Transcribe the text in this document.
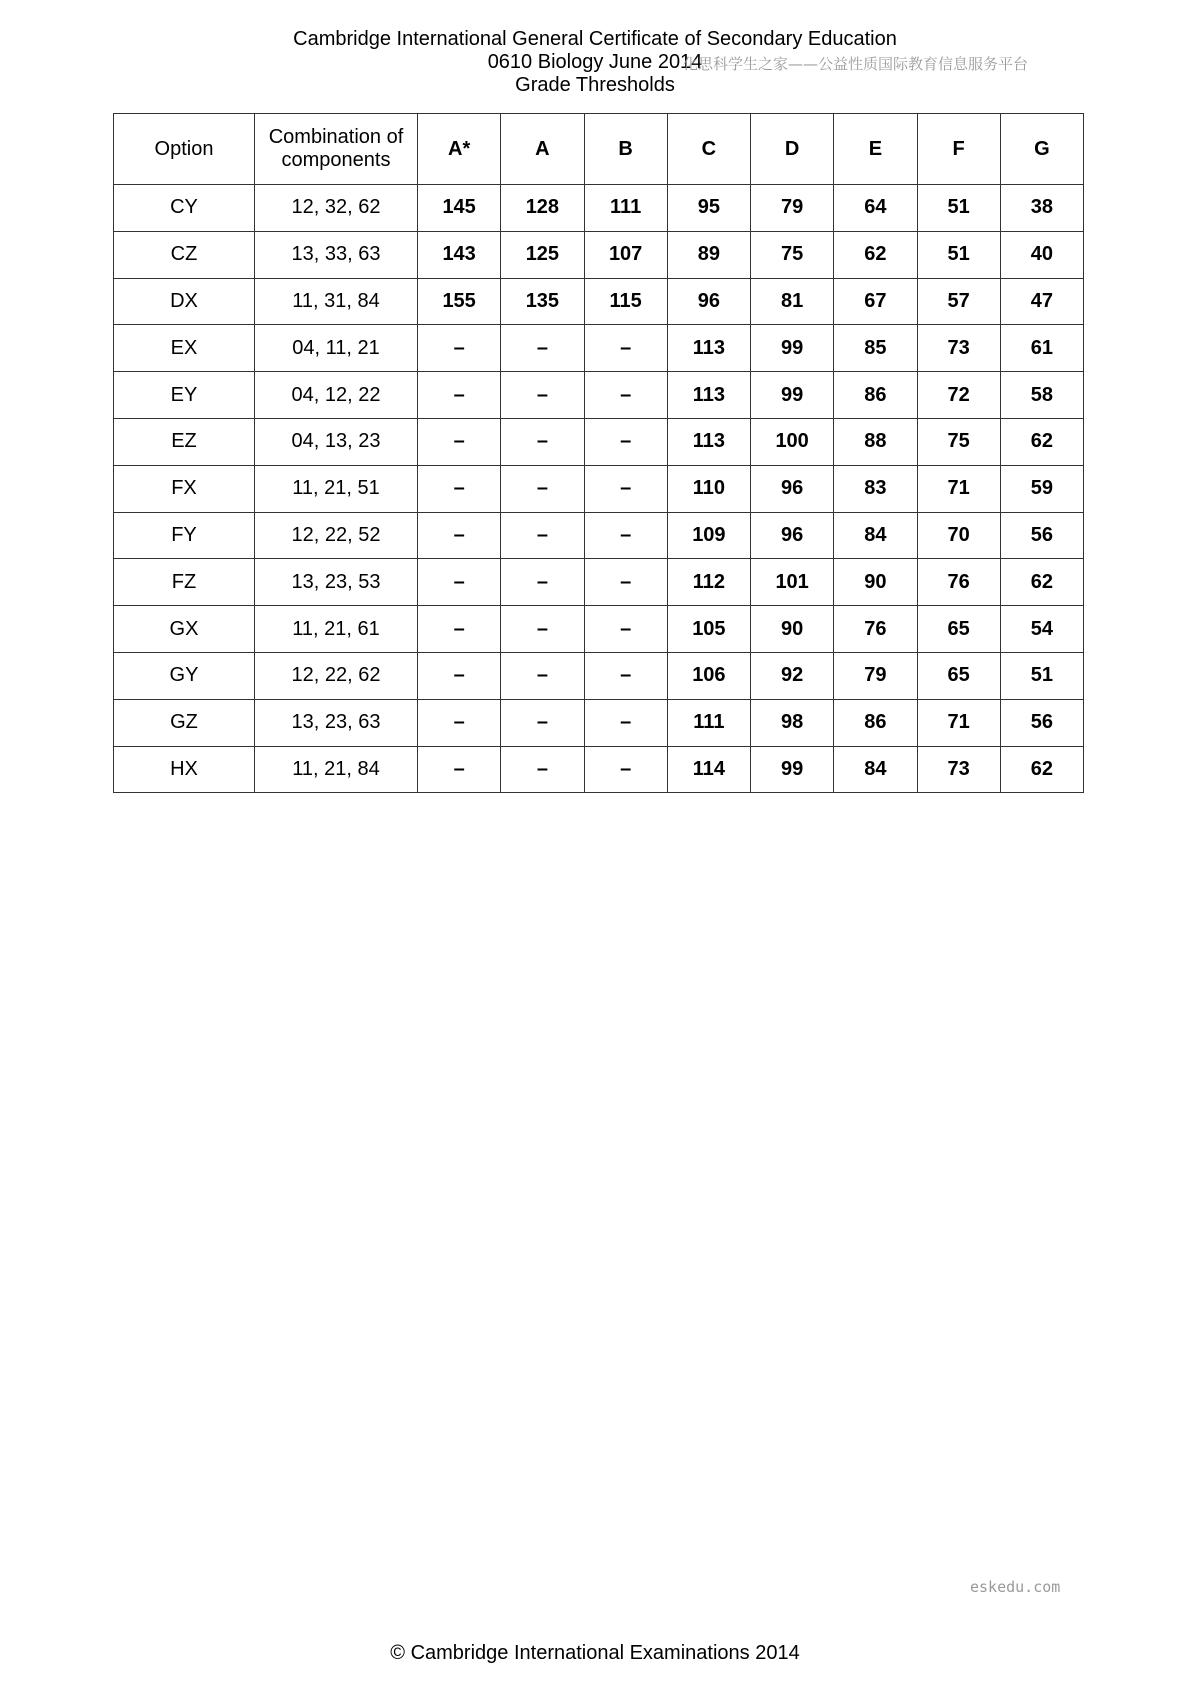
Cambridge International General Certificate of Secondary Education
0610 Biology June 2014
Grade Thresholds
化思科学生之家——公益性质国际教育信息服务平台
Option	Combination of components	A*	A	B	C	D	E	F	G
CY	12, 32, 62	145	128	111	95	79	64	51	38
CZ	13, 33, 63	143	125	107	89	75	62	51	40
DX	11, 31, 84	155	135	115	96	81	67	57	47
EX	04, 11, 21	–	–	–	113	99	85	73	61
EY	04, 12, 22	–	–	–	113	99	86	72	58
EZ	04, 13, 23	–	–	–	113	100	88	75	62
FX	11, 21, 51	–	–	–	110	96	83	71	59
FY	12, 22, 52	–	–	–	109	96	84	70	56
FZ	13, 23, 53	–	–	–	112	101	90	76	62
GX	11, 21, 61	–	–	–	105	90	76	65	54
GY	12, 22, 62	–	–	–	106	92	79	65	51
GZ	13, 23, 63	–	–	–	111	98	86	71	56
HX	11, 21, 84	–	–	–	114	99	84	73	62
eskedu.com
© Cambridge International Examinations 2014
